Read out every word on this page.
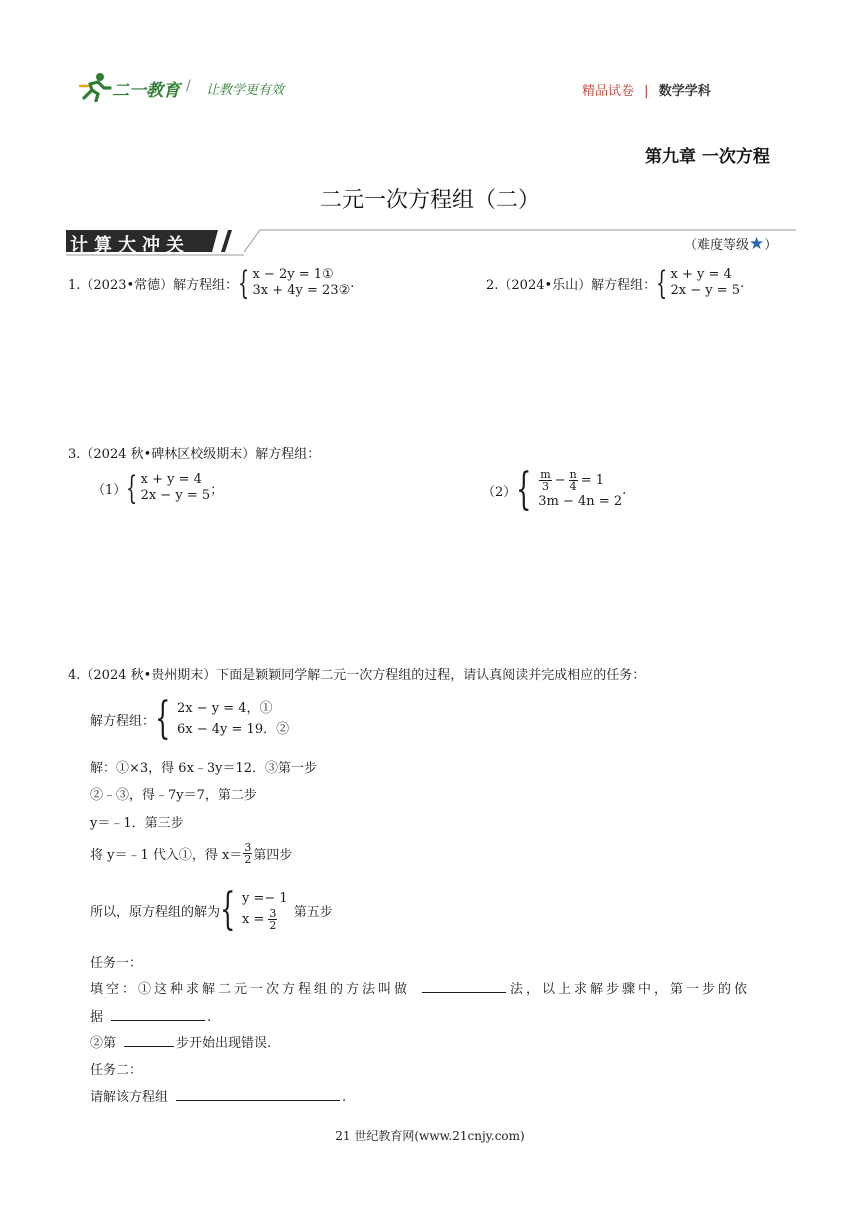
二一教育 / 让教学更有效	精品试卷 | 数学学科
第九章 一次方程
二元一次方程组（二）
计算大冲关	（难度等级★）
1.（2023•常德）解方程组： { x − 2y = 1①
3x + 4y = 23② .	2.（2024•乐山）解方程组： { x + y = 4
2x − y = 5 .
3.（2024 秋•碑林区校级期末）解方程组：
（1） { x + y = 4
2x − y = 5 ；	（2） { $\frac{m}{3} - \frac{n}{4} = 1$
3m − 4n = 2
.
4.（2024 秋•贵州期末）下面是颖颖同学解二元一次方程组的过程，请认真阅读并完成相应的任务：
解方程组： { 2x − y = 4，①
6x − 4y = 19．②
解：①×3，得 6x﹣3y＝12．③第一步
②﹣③，得﹣7y＝7，第二步
y＝﹣1．第三步
将 y＝﹣1 代入①，得 $x= \frac{3}{2}$ 第四步
所以，原方程组的解为 { y =− 1
$x = \frac{3}{2}$ 第五步
任务一：
填空：①这种求解二元一次方程组的方法叫做	法，以上求解步骤中，第一步的依
据	.
②第	步开始出现错误.
任务二：
请解该方程组	.
21 世纪教育网(www.21cnjy.com)
